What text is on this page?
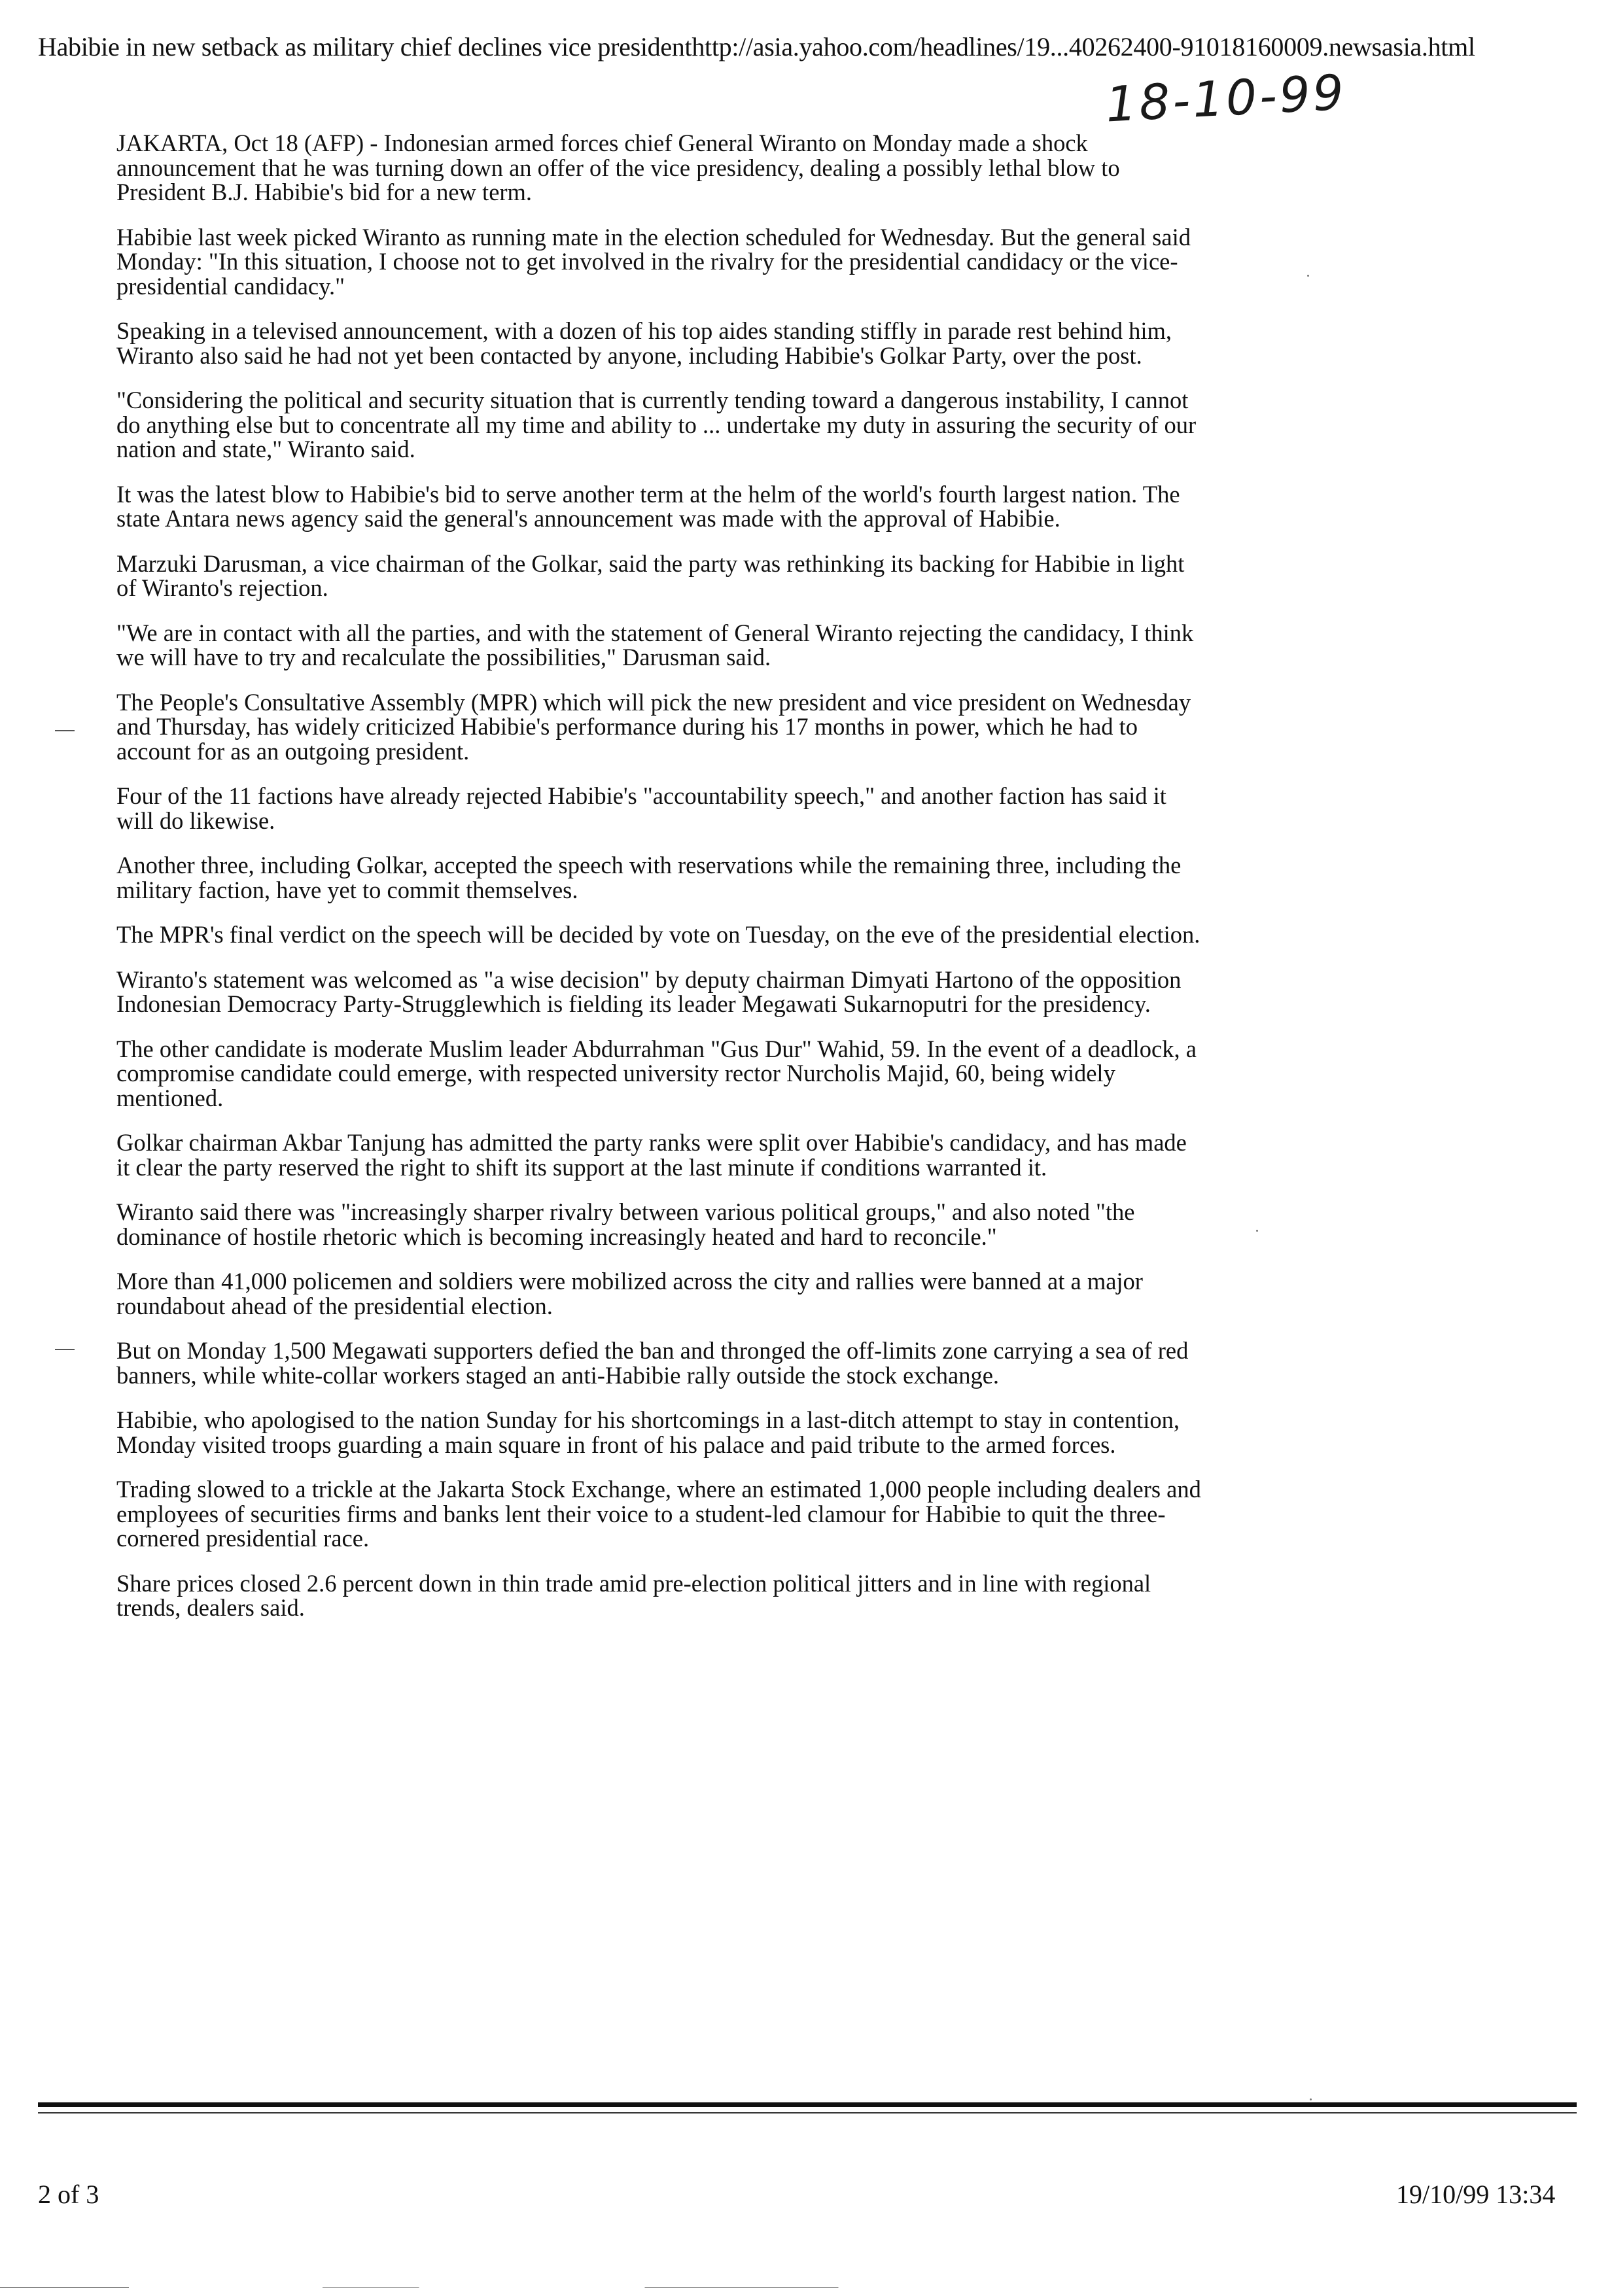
Habibie in new setback as military chief declines vice presidenthttp://asia.yahoo.com/headlines/19...40262400-91018160009.newsasia.html
18-10-99

JAKARTA, Oct 18 (AFP) - Indonesian armed forces chief General Wiranto on Monday made a shock announcement that he was turning down an offer of the vice presidency, dealing a possibly lethal blow to President B.J. Habibie's bid for a new term.

Habibie last week picked Wiranto as running mate in the election scheduled for Wednesday. But the general said Monday: "In this situation, I choose not to get involved in the rivalry for the presidential candidacy or the vice-presidential candidacy."

Speaking in a televised announcement, with a dozen of his top aides standing stiffly in parade rest behind him, Wiranto also said he had not yet been contacted by anyone, including Habibie's Golkar Party, over the post.

"Considering the political and security situation that is currently tending toward a dangerous instability, I cannot do anything else but to concentrate all my time and ability to ... undertake my duty in assuring the security of our nation and state," Wiranto said.

It was the latest blow to Habibie's bid to serve another term at the helm of the world's fourth largest nation. The state Antara news agency said the general's announcement was made with the approval of Habibie.

Marzuki Darusman, a vice chairman of the Golkar, said the party was rethinking its backing for Habibie in light of Wiranto's rejection.

"We are in contact with all the parties, and with the statement of General Wiranto rejecting the candidacy, I think we will have to try and recalculate the possibilities," Darusman said.

The People's Consultative Assembly (MPR) which will pick the new president and vice president on Wednesday and Thursday, has widely criticized Habibie's performance during his 17 months in power, which he had to account for as an outgoing president.

Four of the 11 factions have already rejected Habibie's "accountability speech," and another faction has said it will do likewise.

Another three, including Golkar, accepted the speech with reservations while the remaining three, including the military faction, have yet to commit themselves.

The MPR's final verdict on the speech will be decided by vote on Tuesday, on the eve of the presidential election.

Wiranto's statement was welcomed as "a wise decision" by deputy chairman Dimyati Hartono of the opposition Indonesian Democracy Party-Strugglewhich is fielding its leader Megawati Sukarnoputri for the presidency.

The other candidate is moderate Muslim leader Abdurrahman "Gus Dur" Wahid, 59. In the event of a deadlock, a compromise candidate could emerge, with respected university rector Nurcholis Majid, 60, being widely mentioned.

Golkar chairman Akbar Tanjung has admitted the party ranks were split over Habibie's candidacy, and has made it clear the party reserved the right to shift its support at the last minute if conditions warranted it.

Wiranto said there was "increasingly sharper rivalry between various political groups," and also noted "the dominance of hostile rhetoric which is becoming increasingly heated and hard to reconcile."

More than 41,000 policemen and soldiers were mobilized across the city and rallies were banned at a major roundabout ahead of the presidential election.

But on Monday 1,500 Megawati supporters defied the ban and thronged the off-limits zone carrying a sea of red banners, while white-collar workers staged an anti-Habibie rally outside the stock exchange.

Habibie, who apologised to the nation Sunday for his shortcomings in a last-ditch attempt to stay in contention, Monday visited troops guarding a main square in front of his palace and paid tribute to the armed forces.

Trading slowed to a trickle at the Jakarta Stock Exchange, where an estimated 1,000 people including dealers and employees of securities firms and banks lent their voice to a student-led clamour for Habibie to quit the three-cornered presidential race.

Share prices closed 2.6 percent down in thin trade amid pre-election political jitters and in line with regional trends, dealers said.

2 of 3	19/10/99 13:34
